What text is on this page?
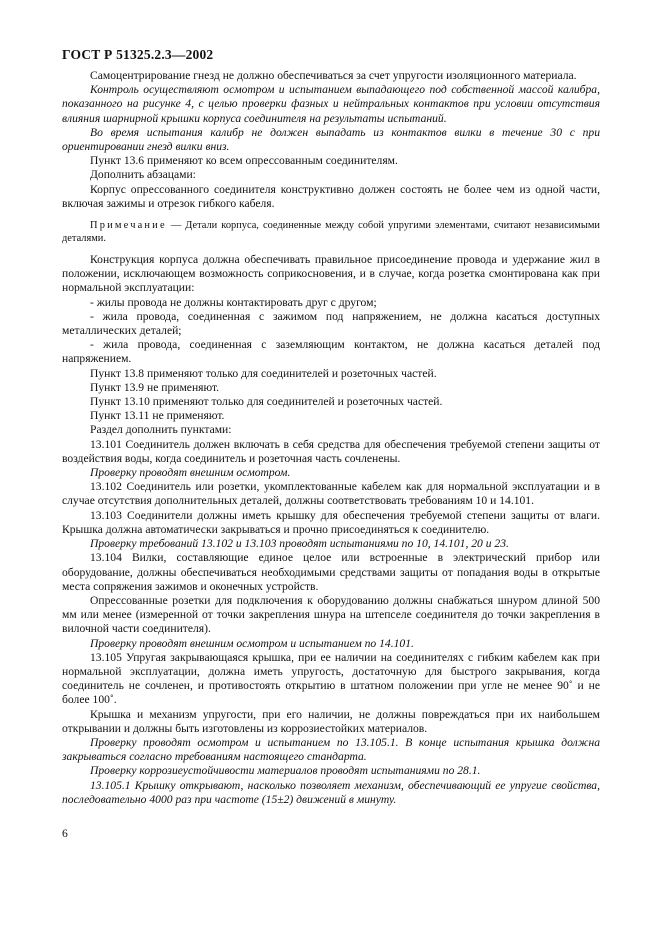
ГОСТ Р 51325.2.3—2002

Самоцентрирование гнезд не должно обеспечиваться за счет упругости изоляционного материала.

Контроль осуществляют осмотром и испытанием выпадающего под собственной массой калибра, показанного на рисунке 4, с целью проверки фазных и нейтральных контактов при условии отсутствия влияния шарнирной крышки корпуса соединителя на результаты испытаний.

Во время испытания калибр не должен выпадать из контактов вилки в течение 30 с при ориентировании гнезд вилки вниз.

Пункт 13.6 применяют ко всем опрессованным соединителям.

Дополнить абзацами:

Корпус опрессованного соединителя конструктивно должен состоять не более чем из одной части, включая зажимы и отрезок гибкого кабеля.

Примечание — Детали корпуса, соединенные между собой упругими элементами, считают независимыми деталями.

Конструкция корпуса должна обеспечивать правильное присоединение провода и удержание жил в положении, исключающем возможность соприкосновения, и в случае, когда розетка смонтирована как при нормальной эксплуатации:

- жилы провода не должны контактировать друг с другом;

- жила провода, соединенная с зажимом под напряжением, не должна касаться доступных металлических деталей;

- жила провода, соединенная с заземляющим контактом, не должна касаться деталей под напряжением.

Пункт 13.8 применяют только для соединителей и розеточных частей.

Пункт 13.9 не применяют.

Пункт 13.10 применяют только для соединителей и розеточных частей.

Пункт 13.11 не применяют.

Раздел дополнить пунктами:

13.101 Соединитель должен включать в себя средства для обеспечения требуемой степени защиты от воздействия воды, когда соединитель и розеточная часть сочленены.

Проверку проводят внешним осмотром.

13.102 Соединитель или розетки, укомплектованные кабелем как для нормальной эксплуатации и в случае отсутствия дополнительных деталей, должны соответствовать требованиям 10 и 14.101.

13.103 Соединители должны иметь крышку для обеспечения требуемой степени защиты от влаги. Крышка должна автоматически закрываться и прочно присоединяться к соединителю.

Проверку требований 13.102 и 13.103 проводят испытаниями по 10, 14.101, 20 и 23.

13.104 Вилки, составляющие единое целое или встроенные в электрический прибор или оборудование, должны обеспечиваться необходимыми средствами защиты от попадания воды в открытые места сопряжения зажимов и оконечных устройств.

Опрессованные розетки для подключения к оборудованию должны снабжаться шнуром длиной 500 мм или менее (измеренной от точки закрепления шнура на штепселе соединителя до точки закрепления в вилочной части соединителя).

Проверку проводят внешним осмотром и испытанием по 14.101.

13.105 Упругая закрывающаяся крышка, при ее наличии на соединителях с гибким кабелем как при нормальной эксплуатации, должна иметь упругость, достаточную для быстрого закрывания, когда соединитель не сочленен, и противостоять открытию в штатном положении при угле не менее 90˚ и не более 100˚.

Крышка и механизм упругости, при его наличии, не должны повреждаться при их наибольшем открывании и должны быть изготовлены из коррозиестойких материалов.

Проверку проводят осмотром и испытанием по 13.105.1. В конце испытания крышка должна закрываться согласно требованиям настоящего стандарта.

Проверку коррозиеустойчивости материалов проводят испытаниями по 28.1.

13.105.1 Крышку открывают, насколько позволяет механизм, обеспечивающий ее упругие свойства, последовательно 4000 раз при частоте (15±2) движений в минуту.

6
